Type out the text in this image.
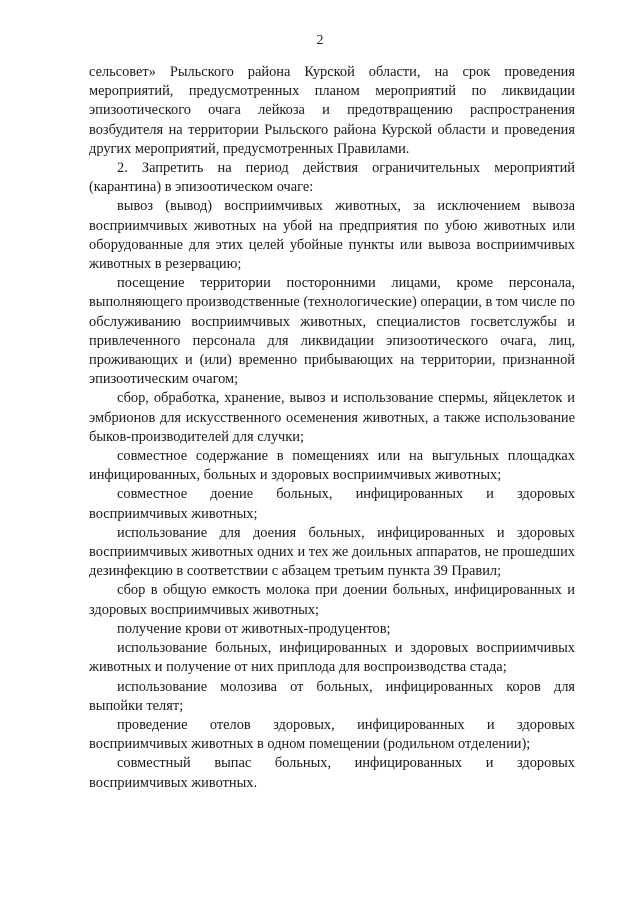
2

сельсовет» Рыльского района Курской области, на срок проведения мероприятий, предусмотренных планом мероприятий по ликвидации эпизоотического очага лейкоза и предотвращению распространения возбудителя на территории Рыльского района Курской области и проведения других мероприятий, предусмотренных Правилами.

2. Запретить на период действия ограничительных мероприятий (карантина) в эпизоотическом очаге:

вывоз (вывод) восприимчивых животных, за исключением вывоза восприимчивых животных на убой на предприятия по убою животных или оборудованные для этих целей убойные пункты или вывоза восприимчивых животных в резервацию;

посещение территории посторонними лицами, кроме персонала, выполняющего производственные (технологические) операции, в том числе по обслуживанию восприимчивых животных, специалистов госветслужбы и привлеченного персонала для ликвидации эпизоотического очага, лиц, проживающих и (или) временно прибывающих на территории, признанной эпизоотическим очагом;

сбор, обработка, хранение, вывоз и использование спермы, яйцеклеток и эмбрионов для искусственного осеменения животных, а также использование быков-производителей для случки;

совместное содержание в помещениях или на выгульных площадках инфицированных, больных и здоровых восприимчивых животных;

совместное доение больных, инфицированных и здоровых восприимчивых животных;

использование для доения больных, инфицированных и здоровых восприимчивых животных одних и тех же доильных аппаратов, не прошедших дезинфекцию в соответствии с абзацем третьим пункта 39 Правил;

сбор в общую емкость молока при доении больных, инфицированных и здоровых восприимчивых животных;

получение крови от животных-продуцентов;

использование больных, инфицированных и здоровых восприимчивых животных и получение от них приплода для воспроизводства стада;

использование молозива от больных, инфицированных коров для выпойки телят;

проведение отелов здоровых, инфицированных и здоровых восприимчивых животных в одном помещении (родильном отделении);

совместный выпас больных, инфицированных и здоровых восприимчивых животных.
